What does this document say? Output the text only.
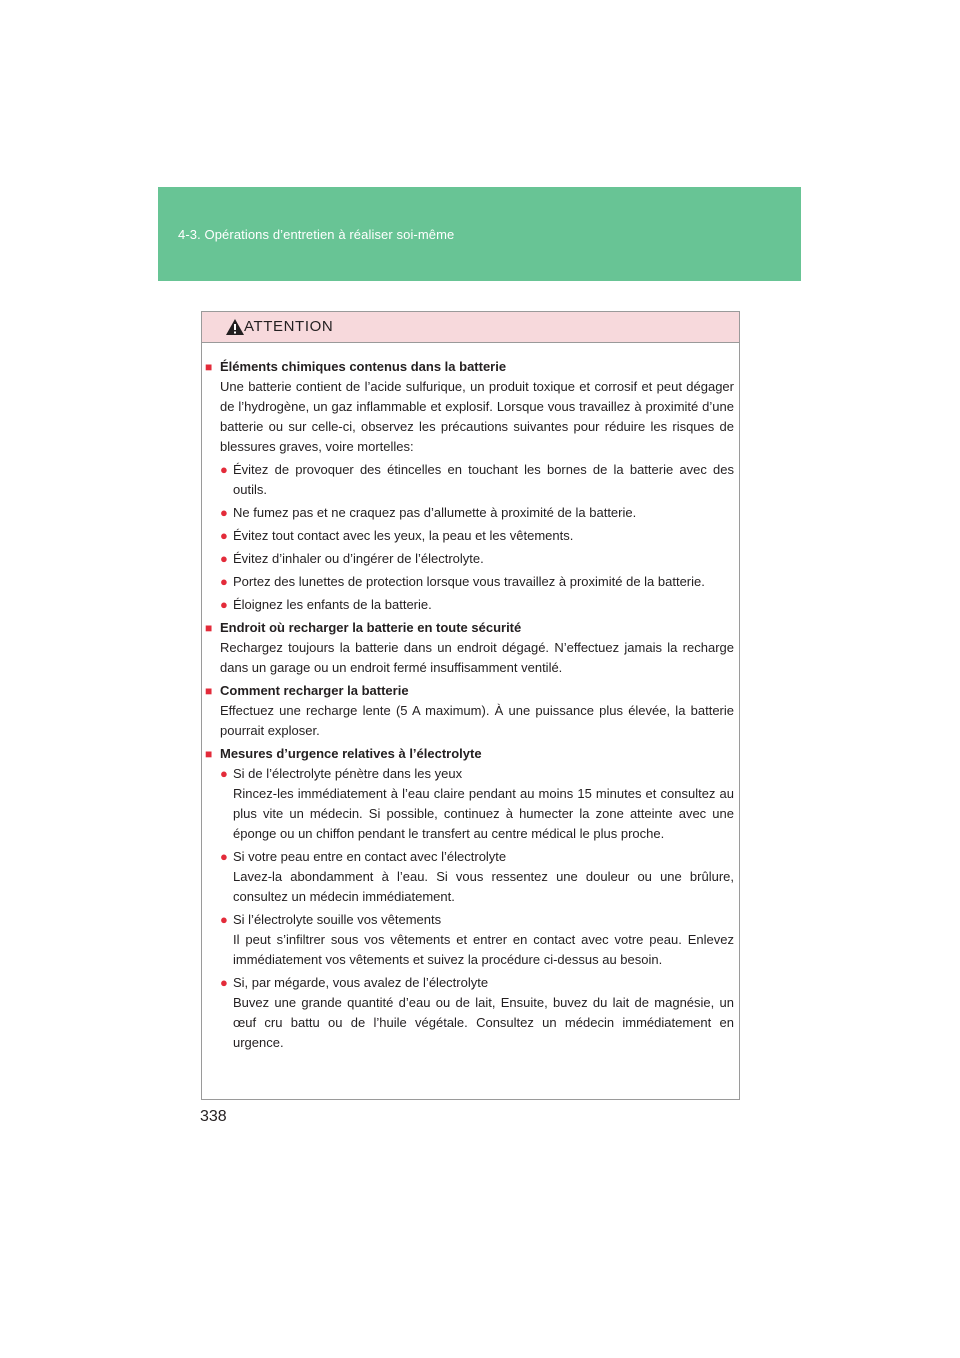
4-3. Opérations d’entretien à réaliser soi-même
ATTENTION
■ Éléments chimiques contenus dans la batterie
Une batterie contient de l’acide sulfurique, un produit toxique et corrosif et peut dégager de l’hydrogène, un gaz inflammable et explosif. Lorsque vous travaillez à proximité d’une batterie ou sur celle-ci, observez les précautions suivantes pour réduire les risques de blessures graves, voire mortelles:
● Évitez de provoquer des étincelles en touchant les bornes de la batterie avec des outils.
● Ne fumez pas et ne craquez pas d’allumette à proximité de la batterie.
● Évitez tout contact avec les yeux, la peau et les vêtements.
● Évitez d’inhaler ou d’ingérer de l’électrolyte.
● Portez des lunettes de protection lorsque vous travaillez à proximité de la batterie.
● Éloignez les enfants de la batterie.
■ Endroit où recharger la batterie en toute sécurité
Rechargez toujours la batterie dans un endroit dégagé. N’effectuez jamais la recharge dans un garage ou un endroit fermé insuffisamment ventilé.
■ Comment recharger la batterie
Effectuez une recharge lente (5 A maximum). À une puissance plus élevée, la batterie pourrait exploser.
■ Mesures d’urgence relatives à l’électrolyte
● Si de l’électrolyte pénètre dans les yeux
Rincez-les immédiatement à l’eau claire pendant au moins 15 minutes et consultez au plus vite un médecin. Si possible, continuez à humecter la zone atteinte avec une éponge ou un chiffon pendant le transfert au centre médical le plus proche.
● Si votre peau entre en contact avec l’électrolyte
Lavez-la abondamment à l’eau. Si vous ressentez une douleur ou une brûlure, consultez un médecin immédiatement.
● Si l’électrolyte souille vos vêtements
Il peut s’infiltrer sous vos vêtements et entrer en contact avec votre peau. Enlevez immédiatement vos vêtements et suivez la procédure ci-dessus au besoin.
● Si, par mégarde, vous avalez de l’électrolyte
Buvez une grande quantité d’eau ou de lait, Ensuite, buvez du lait de magnésie, un œuf cru battu ou de l’huile végétale. Consultez un médecin immédiatement en urgence.
338
